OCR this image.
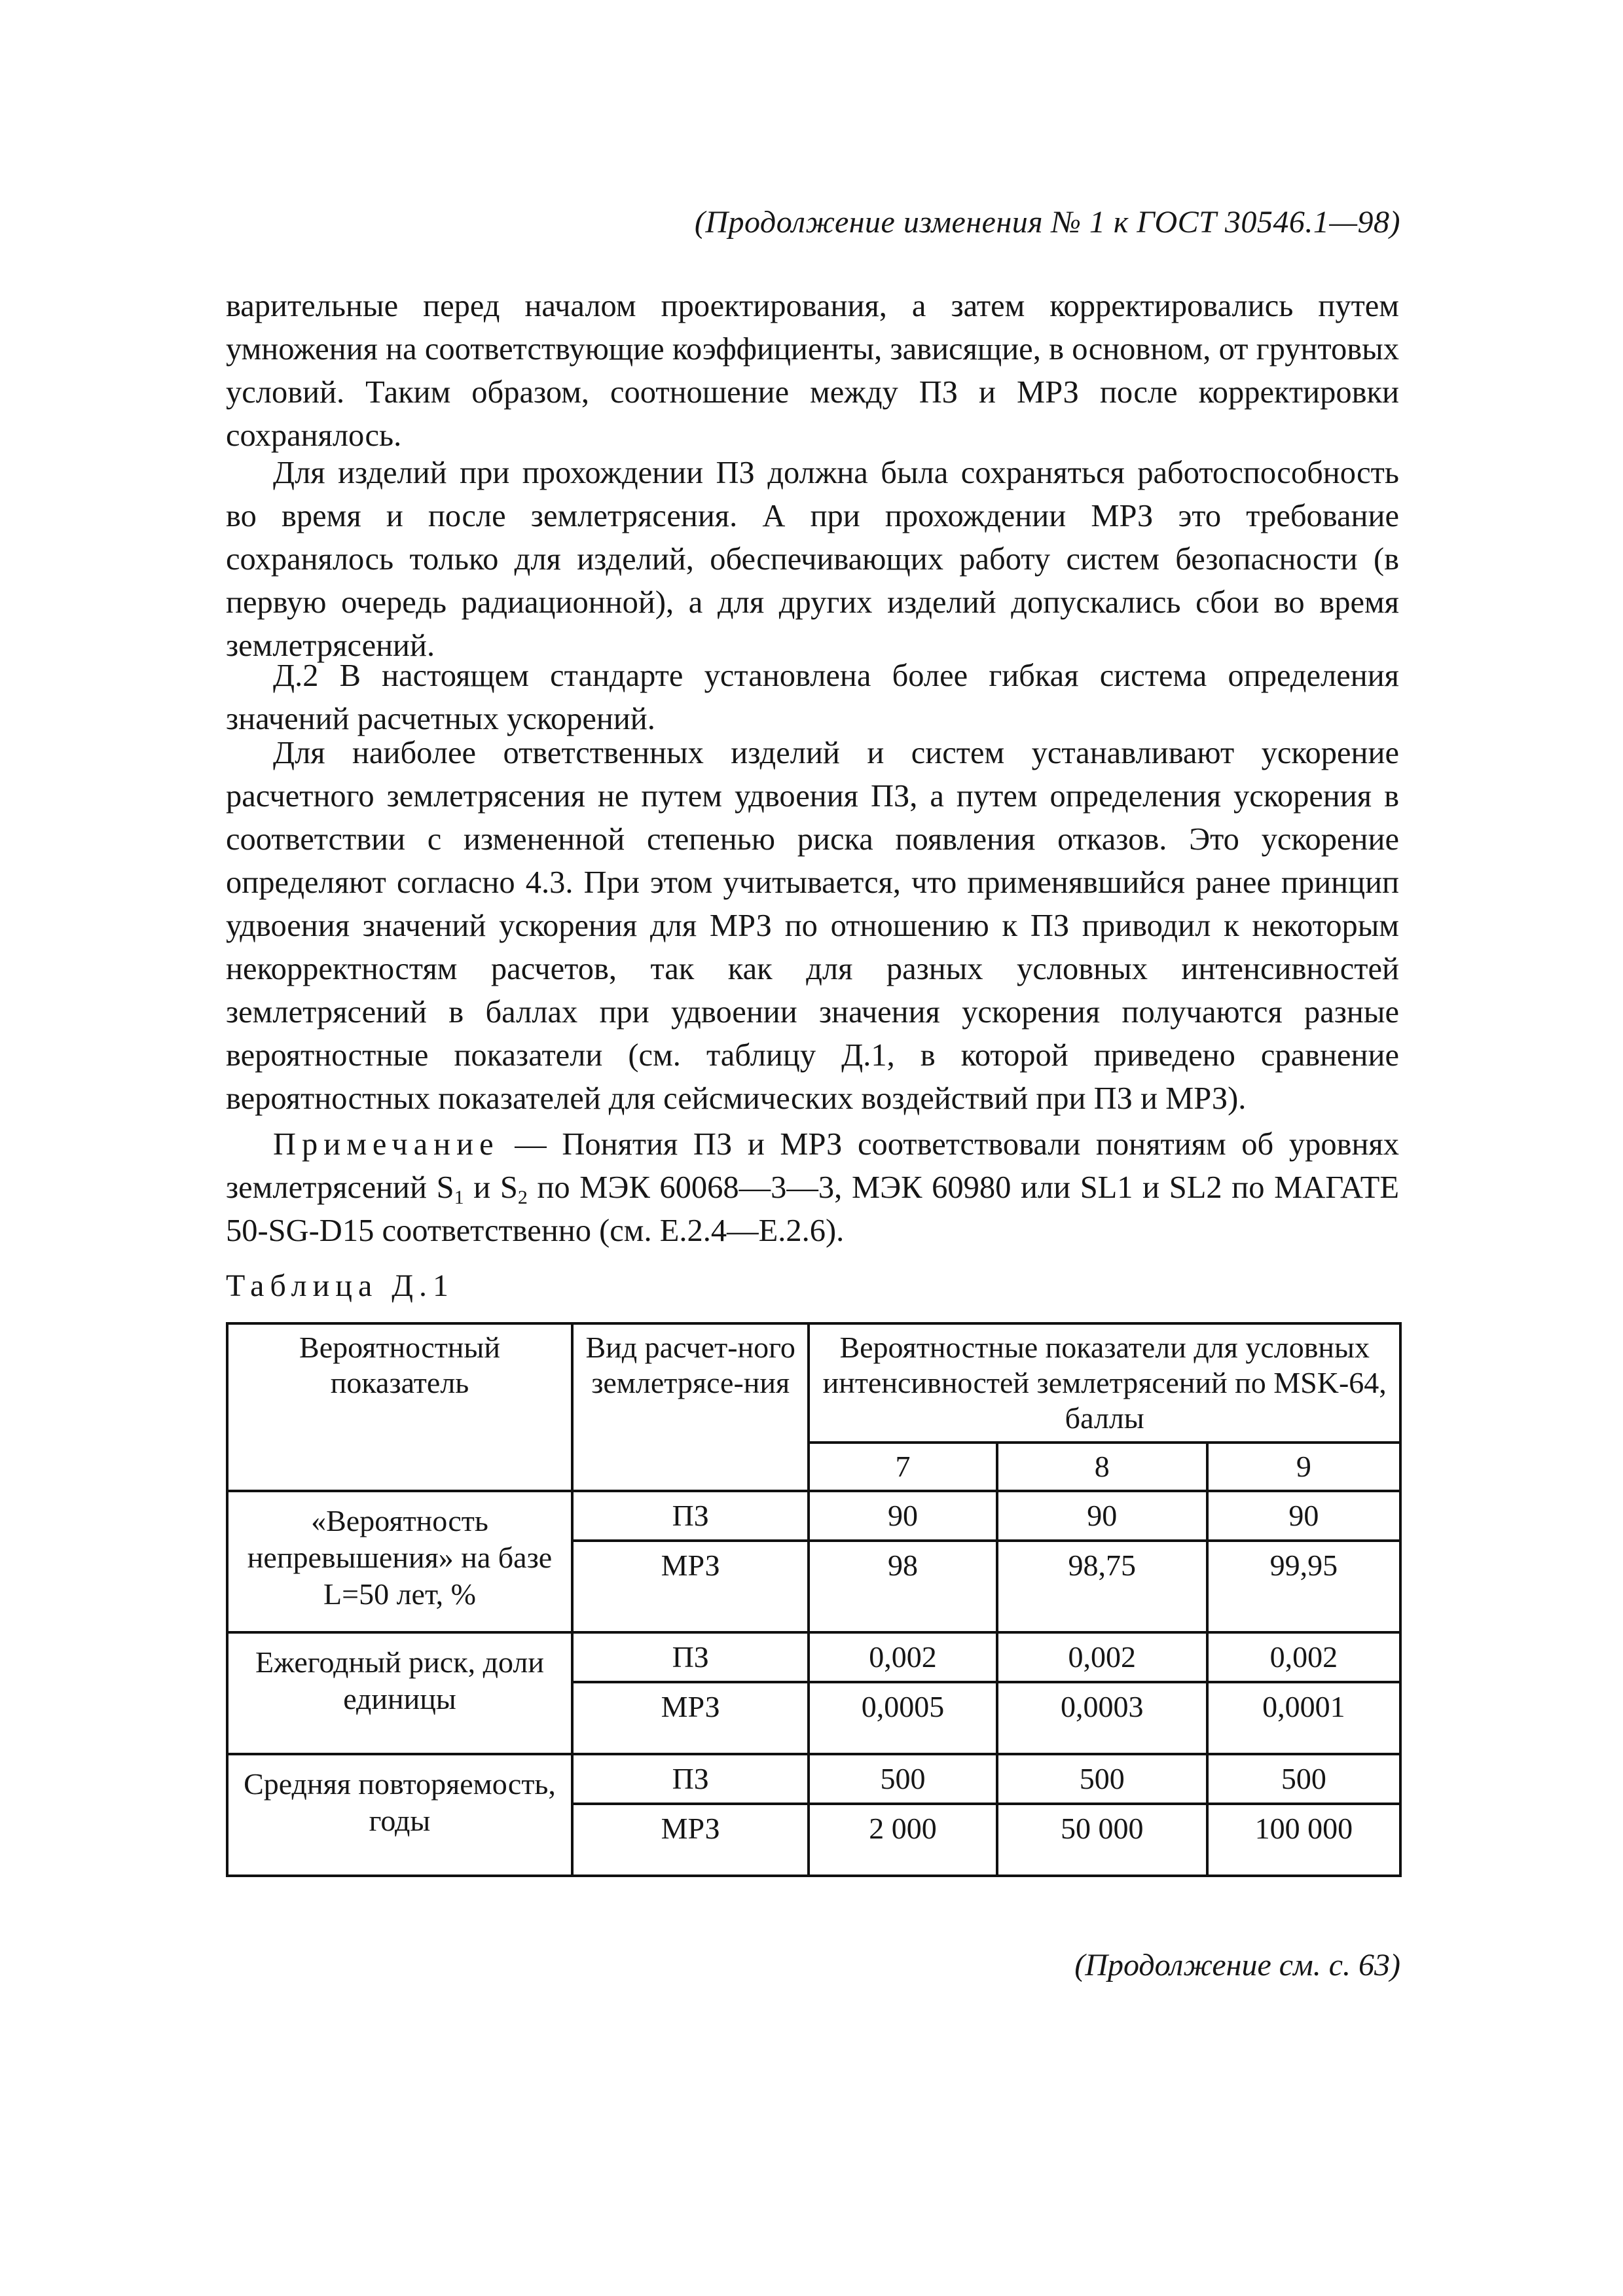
(Продолжение изменения № 1 к ГОСТ 30546.1—98)

варительные перед началом проектирования, а затем корректировались путем умножения на соответствующие коэффициенты, зависящие, в основном, от грунтовых условий. Таким образом, соотношение между ПЗ и МРЗ после корректировки сохранялось.

Для изделий при прохождении ПЗ должна была сохраняться работоспособность во время и после землетрясения. А при прохождении МРЗ это требование сохранялось только для изделий, обеспечивающих работу систем безопасности (в первую очередь радиационной), а для других изделий допускались сбои во время землетрясений.

Д.2 В настоящем стандарте установлена более гибкая система определения значений расчетных ускорений.

Для наиболее ответственных изделий и систем устанавливают ускорение расчетного землетрясения не путем удвоения ПЗ, а путем определения ускорения в соответствии с измененной степенью риска появления отказов. Это ускорение определяют согласно 4.3. При этом учитывается, что применявшийся ранее принцип удвоения значений ускорения для МРЗ по отношению к ПЗ приводил к некоторым некорректностям расчетов, так как для разных условных интенсивностей землетрясений в баллах при удвоении значения ускорения получаются разные вероятностные показатели (см. таблицу Д.1, в которой приведено сравнение вероятностных показателей для сейсмических воздействий при ПЗ и МРЗ).

Примечание — Понятия ПЗ и МРЗ соответствовали понятиям об уровнях землетрясений $S_1$ и $S_2$ по МЭК 60068—3—3, МЭК 60980 или SL1 и SL2 по МАГАТЕ 50-SG-D15 соответственно (см. Е.2.4—Е.2.6).

Таблица Д.1
Вероятностный показатель	Вид расчет-ного землетрясе-ния	Вероятностные показатели для условных интенсивностей землетрясений по MSK-64, баллы		
		7	8	9
«Вероятность непревышения» на базе L=50 лет, %	ПЗ	90	90	90
	МРЗ	98	98,75	99,95
Ежегодный риск, доли единицы	ПЗ	0,002	0,002	0,002
	МРЗ	0,0005	0,0003	0,0001
Средняя повторяемость, годы	ПЗ	500	500	500
	МРЗ	2 000	50 000	100 000
(Продолжение см. с. 63)
